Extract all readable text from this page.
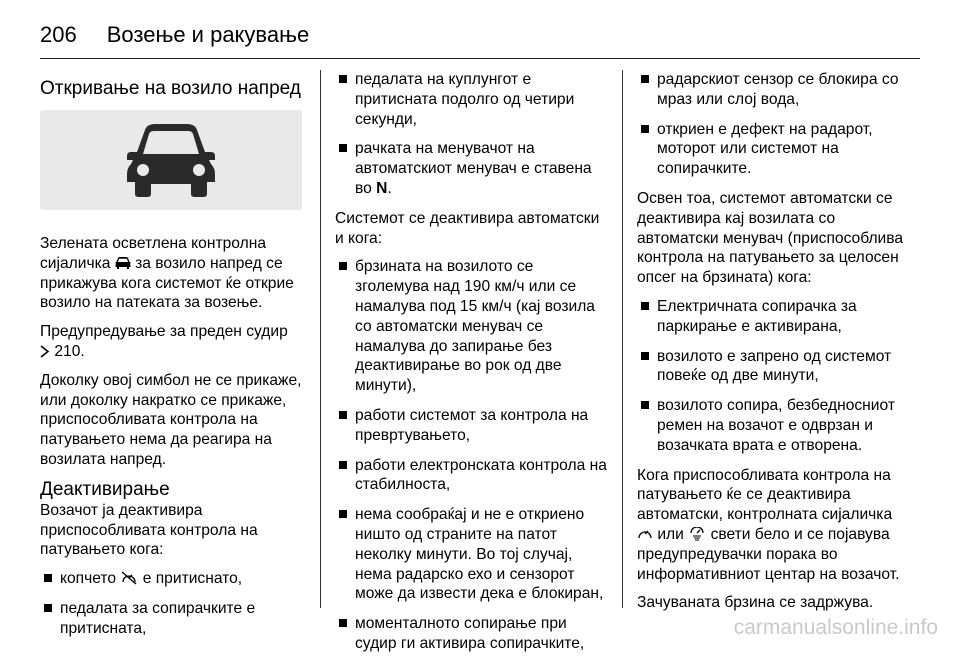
206 Возење и ракување
Откривање на возило напред

Зелената осветлена контролна сијаличка за возило напред се прикажува кога системот ќе открие возило на патеката за возење.

Предупредување за преден судир
210.

Доколку овој симбол не се прикаже, или доколку накратко се прикаже, приспособливата контрола на патувањето нема да реагира на возилата напред.

Деактивирање

Возачот ја деактивира приспособливата контрола на патувањето кога:

копчето е притиснато,
педалата за сопирачките е притисната,
педалата на куплунгот е притисната подолго од четири секунди,
рачката на менувачот на автоматскиот менувач е ставена во N.

Системот се деактивира автоматски и кога:

брзината на возилото се зголемува над 190 км/ч или се намалува под 15 км/ч (кај возила со автоматски менувач се намалува до запирање без деактивирање во рок од две минути),
работи системот за контрола на превртувањето,
работи електронската контрола на стабилноста,
нема сообраќај и не е откриено ништо од страните на патот неколку минути. Во тој случај, нема радарско ехо и сензорот може да извести дека е блокиран,
моменталното сопирање при судир ги активира сопирачките,
радарскиот сензор се блокира со мраз или слој вода,
откриен е дефект на радарот, моторот или системот на сопирачките.

Освен тоа, системот автоматски се деактивира кај возилата со автоматски менувач (приспособлива контрола на патувањето за целосен опсег на брзината) кога:

Електричната сопирачка за паркирање е активирана,
возилото е запрено од системот повеќе од две минути,
возилото сопира, безбедносниот ремен на возачот е одврзан и возачката врата е отворена.

Кога приспособливата контрола на патувањето ќе се деактивира автоматски, контролната сијаличка
или свети бело и се појавува предупредувачки порака во информативниот центар на возачот.

Зачуваната брзина се задржува.

carmanualsonline.info
